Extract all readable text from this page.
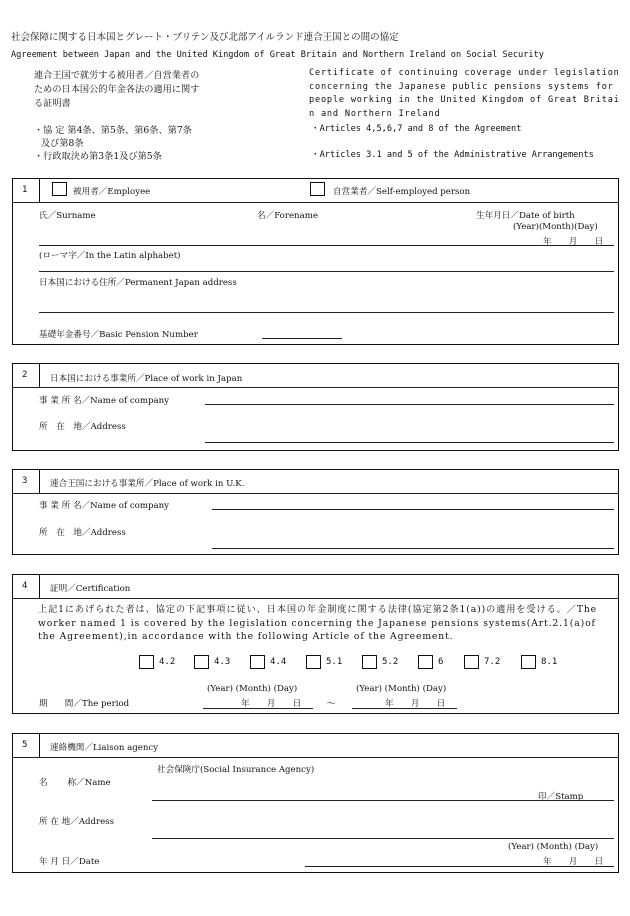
社会保障に関する日本国とグレート・ブリテン及び北部アイルランド連合王国との間の協定
Agreement between Japan and the United Kingdom of Great Britain and Northern Ireland on Social Security
連合王国で就労する被用者／自営業者の
ための日本国公的年金各法の適用に関す
る証明書
Certificate of continuing coverage under legislation concerning the Japanese public pensions systems for people working in the United Kingdom of Great Britain and Northern Ireland
・協 定 第4条、第5条、第6条、第7条
及び第8条
・Articles 4,5,6,7 and 8 of the Agreement
・行政取決め第3条1及び第5条	・Articles 3.1 and 5 of the Administrative Arrangements
1	被用者／Employee	自営業者／Self-employed person
氏／Surname	名／Forename	生年月日／Date of birth
(Year)(Month)(Day)
年　　月　　日
(ローマ字／In the Latin alphabet)
日本国における住所／Permanent Japan address
基礎年金番号／Basic Pension Number
2	日本国における事業所／Place of work in Japan
事 業 所 名／Name of company
所　在　地／Address
3	連合王国における事業所／Place of work in U.K.
事 業 所 名／Name of company
所　在　地／Address
4	証明／Certification
上記1にあげられた者は、協定の下記事項に従い、日本国の年金制度に関する法律(協定第2条1(a))の適用を受ける。／The worker named 1 is covered by the legislation concerning the Japanese pensions systems(Art.2.1(a)of the Agreement),in accordance with the following Article of the Agreement.
4.2	4.3	4.4	5.1	5.2	6	7.2	8.1
期　　間／The period
(Year) (Month) (Day)
年　　月　　日 ～
(Year) (Month) (Day)
年　　月　　日
5	連絡機関／Liaison agency
社会保険庁(Social Insurance Agency)
名　　 称／Name
印／Stamp
所 在 地／Address
(Year) (Month) (Day)
年 月 日／Date	年　　月　　日
